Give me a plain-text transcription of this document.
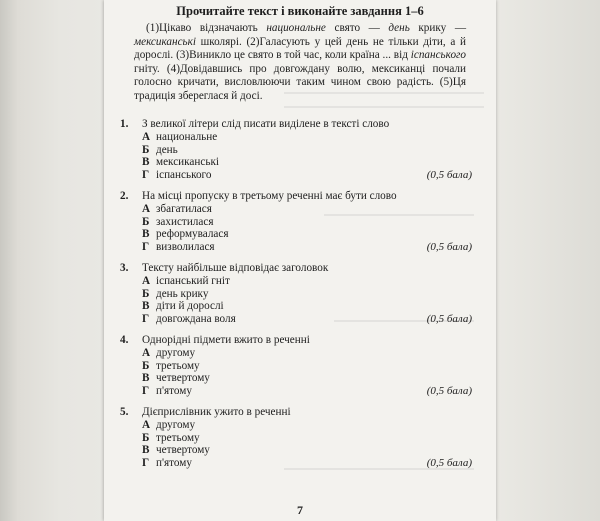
Прочитайте текст і виконайте завдання 1–6
(1)Цікаво відзначають национальне свято — день крику — мексиканські школярі. (2)Галасують у цей день не тільки діти, а й дорослі. (3)Виникло це свято в той час, коли країна ... від іспанського гніту. (4)Довідавшись про довгождану волю, мексиканці почали голосно кричати, висловлюючи таким чином свою радість. (5)Ця традиція збереглася й досі.
1.	З великої літери слід писати виділене в тексті слово
А национальне
Б день
В мексиканські
Г іспанського	(0,5 бала)
2.	На місці пропуску в третьому реченні має бути слово
А збагатилася
Б захистилася
В реформувалася
Г визволилася	(0,5 бала)
3.	Тексту найбільше відповідає заголовок
А іспанський гніт
Б день крику
В діти й дорослі
Г довгождана воля	(0,5 бала)
4.	Однорідні підмети вжито в реченні
А другому
Б третьому
В четвертому
Г п'ятому	(0,5 бала)
5.	Дієприслівник ужито в реченні
А другому
Б третьому
В четвертому
Г п'ятому	(0,5 бала)
7
